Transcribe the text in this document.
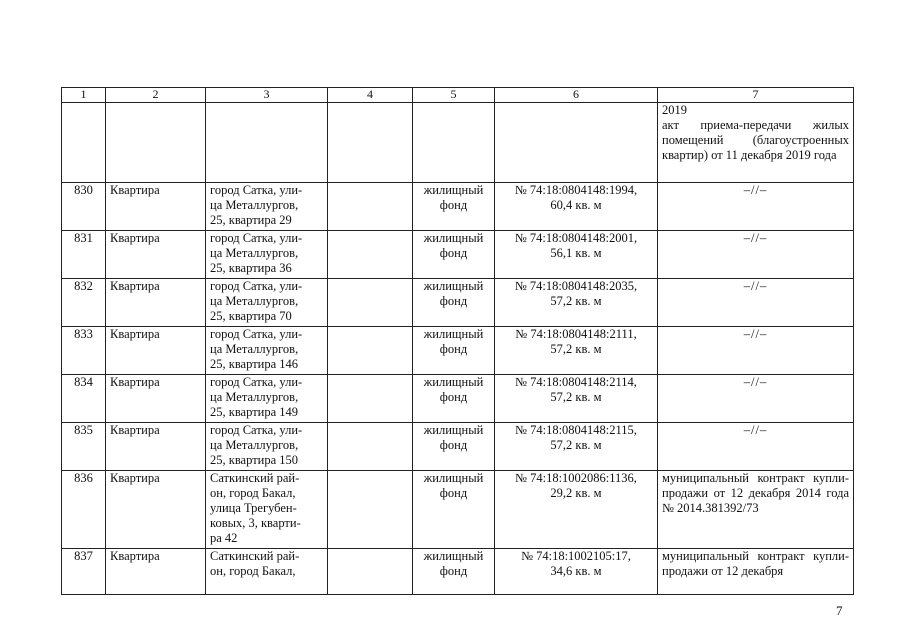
1	2	3	4	5	6	7

						2019
акт приема-передачи жилых помещений (благоустроенных квартир) от 11 декабря 2019 года

830	Квартира	город Сатка, ули-
ца Металлургов,
25, квартира 29		жилищный
фонд	№ 74:18:0804148:1994,
60,4 кв. м	–//–
831	Квартира	город Сатка, ули-
ца Металлургов,
25, квартира 36		жилищный
фонд	№ 74:18:0804148:2001,
56,1 кв. м	–//–
832	Квартира	город Сатка, ули-
ца Металлургов,
25, квартира 70		жилищный
фонд	№ 74:18:0804148:2035,
57,2 кв. м	–//–
833	Квартира	город Сатка, ули-
ца Металлургов,
25, квартира 146		жилищный
фонд	№ 74:18:0804148:2111,
57,2 кв. м	–//–
834	Квартира	город Сатка, ули-
ца Металлургов,
25, квартира 149		жилищный
фонд	№ 74:18:0804148:2114,
57,2 кв. м	–//–
835	Квартира	город Сатка, ули-
ца Металлургов,
25, квартира 150		жилищный
фонд	№ 74:18:0804148:2115,
57,2 кв. м	–//–
836	Квартира	Саткинский рай-
он, город Бакал,
улица Трегубен-
ковых, 3, кварти-
ра 42		жилищный
фонд	№ 74:18:1002086:1136,
29,2 кв. м	муниципальный контракт купли-продажи от 12 декабря 2014 года № 2014.381392/73
837	Квартира	Саткинский рай-
он, город Бакал,		жилищный
фонд	№ 74:18:1002105:17,
34,6 кв. м	муниципальный контракт купли-продажи от 12 декабря
7
